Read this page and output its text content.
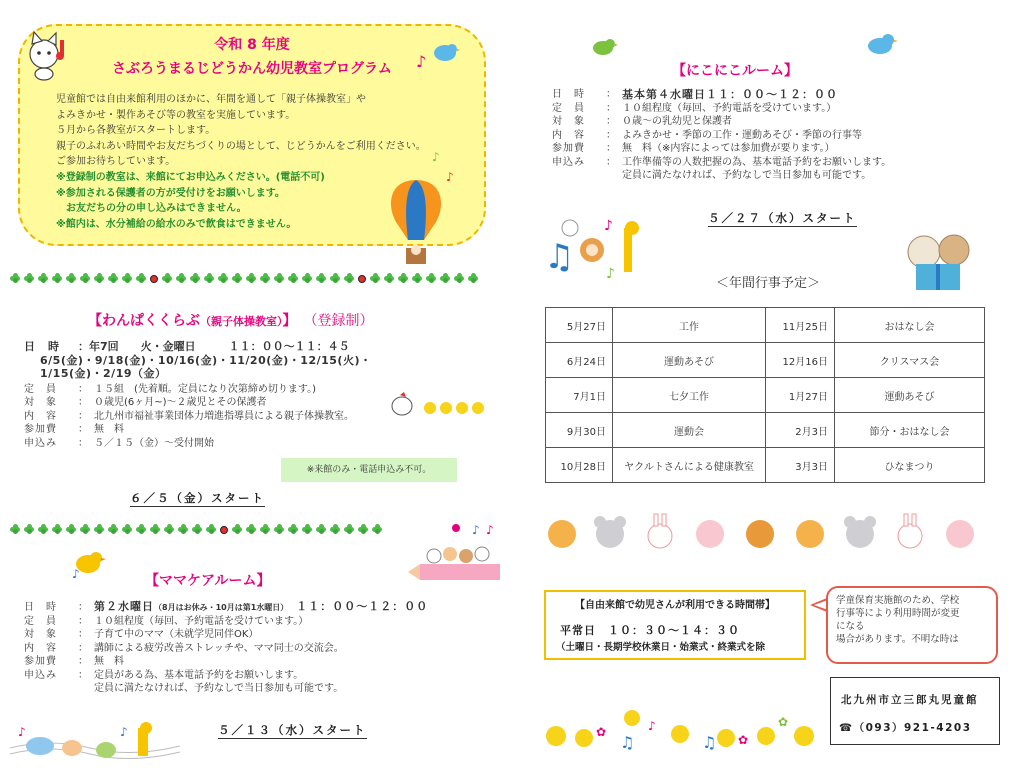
令和 8 年度
さぶろうまるじどうかん幼児教室プログラム
児童館では自由来館利用のほかに、年間を通して「親子体操教室」や
よみきかせ・製作あそび等の教室を実施しています。
５月から各教室がスタートします。
親子のふれあい時間やお友だちづくりの場として、じどうかんをご利用ください。
ご参加お待ちしています。
※登録制の教室は、来館にてお申込みください。(電話不可)
※参加される保護者の方が受付けをお願いします。
　お友だちの分の申し込みはできません。
※館内は、水分補給の給水のみで飲食はできません。
♪
♪
♪
【わんぱくくらぶ（親子体操教室）】 （登録制）
日　時	：年7回　　火・金曜日　　　１１：００～１１：４５
6/5(金)・9/18(金)・10/16(金)・11/20(金)・12/15(火)・
1/15(金)・2/19（金）
定　員	： １５組　(先着順。定員になり次第締め切ります。)
対　象	： ０歳児(6ヶ月~)～２歳児とその保護者
内　容	： 北九州市福祉事業団体力増進指導員による親子体操教室。
参加費	： 無　料
申込み	： ５／１５（金）～受付開始
※来館のみ・電話申込み不可。
６／５（金）スタート
♪ ♪
♪	【ママケアルーム】
日　時	： 第２水曜日（8月はお休み・10月は第1水曜日） １１：００～１２：００
定　員	： １０組程度（毎回、予約電話を受けています。）
対　象	： 子育て中のママ（未就学児同伴OK）
内　容	： 講師による疲労改善ストレッチや、ママ同士の交流会。
参加費	： 無　料
申込み	： 定員がある為、基本電話予約をお願いします。
定員に満たなければ、予約なしで当日参加も可能です。
５／１３（水）スタート
♪	♪
【にこにこルーム】
日　時	： 基本第４水曜日１１：００～１２：００
定　員	： １０組程度（毎回、予約電話を受けています。）
対　象	： ０歳～の乳幼児と保護者
内　容	： よみきかせ・季節の工作・運動あそび・季節の行事等
参加費	： 無　料（※内容によっては参加費が要ります。）
申込み	： 工作準備等の人数把握の為、基本電話予約をお願いします。
定員に満たなければ、予約なしで当日参加も可能です。
５／２７（水）スタート
♫
♪
♪
＜年間行事予定＞
5月27日	工作	11月25日	おはなし会
6月24日	運動あそび	12月16日	クリスマス会
7月1日	七夕工作	1月27日	運動あそび
9月30日	運動会	2月3日	節分・おはなし会
10月28日	ヤクルトさんによる健康教室	3月3日	ひなまつり
【自由来館で幼児さんが利用できる時間帯】
平常日　１０：３０～１４：３０
（土曜日・長期学校休業日・始業式・終業式を除
学童保育実施館のため、学校
行事等により利用時間が変更
になる
場合があります。不明な時は
北九州市立三郎丸児童館
☎（093）921-4203
✿
♫
♪
♫ ✿
✿
